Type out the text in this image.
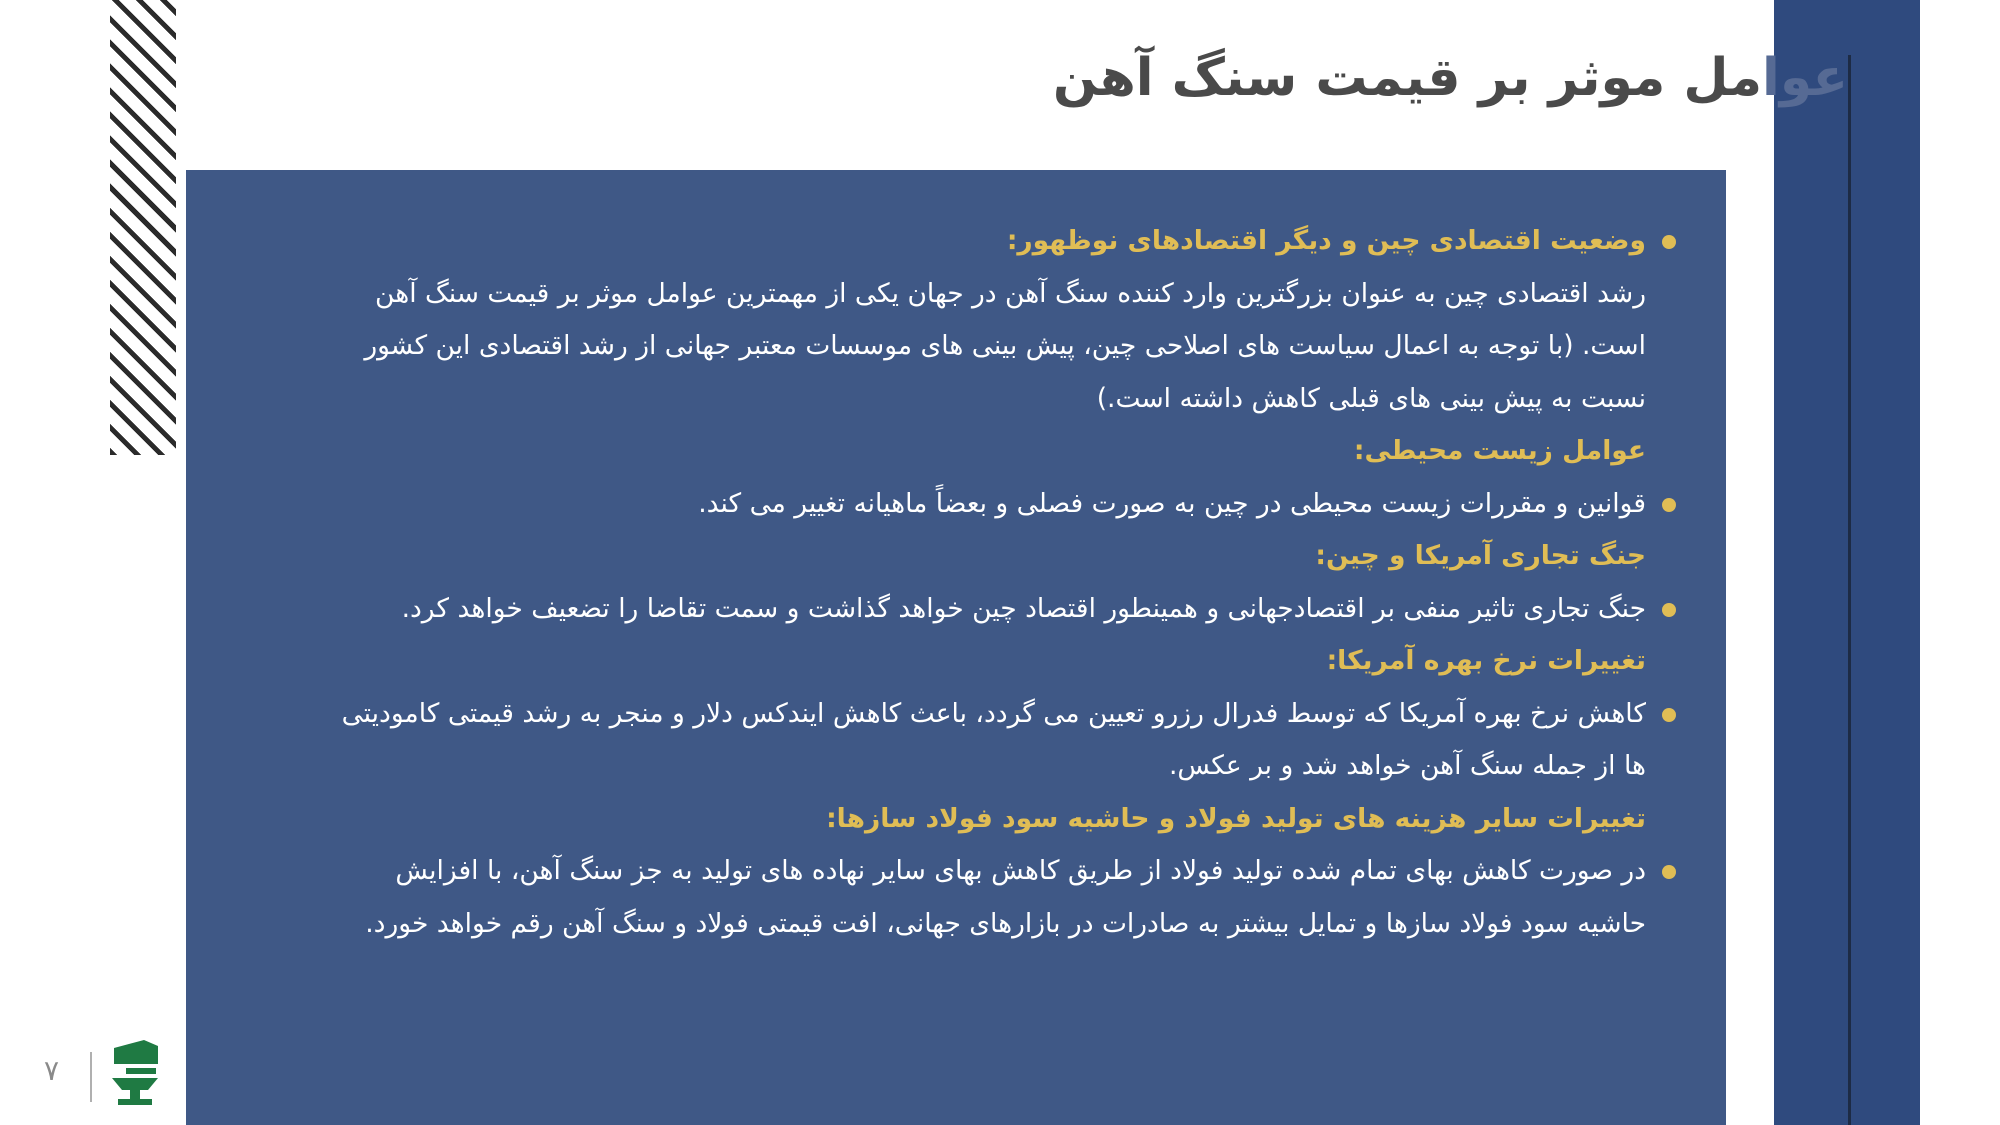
عوامل موثر بر قیمت سنگ آهن
وضعیت اقتصادی چین و دیگر اقتصادهای نوظهور:
رشد اقتصادی چین به عنوان بزرگترین وارد کننده سنگ آهن در جهان یکی از مهمترین عوامل موثر بر قیمت سنگ آهن
است. (با توجه به اعمال سیاست های اصلاحی چین، پیش بینی های موسسات معتبر جهانی از رشد اقتصادی این کشور
نسبت به پیش بینی های قبلی کاهش داشته است.)
عوامل زیست محیطی:
قوانین و مقررات زیست محیطی در چین به صورت فصلی و بعضاً ماهیانه تغییر می کند.
جنگ تجاری آمریکا و چین:
جنگ تجاری تاثیر منفی بر اقتصادجهانی و همینطور اقتصاد چین خواهد گذاشت و سمت تقاضا را تضعیف خواهد کرد.
تغییرات نرخ بهره آمریکا:
کاهش نرخ بهره آمریکا که توسط فدرال رزرو تعیین می گردد، باعث کاهش ایندکس دلار و منجر به رشد قیمتی کامودیتی
ها از جمله سنگ آهن خواهد شد و بر عکس.
تغییرات سایر هزینه های تولید فولاد و حاشیه سود فولاد سازها:
در صورت کاهش بهای تمام شده تولید فولاد از طریق کاهش بهای سایر نهاده های تولید به جز سنگ آهن، با افزایش
حاشیه سود فولاد سازها و تمایل بیشتر به صادرات در بازارهای جهانی، افت قیمتی فولاد و سنگ آهن رقم خواهد خورد.
۷
